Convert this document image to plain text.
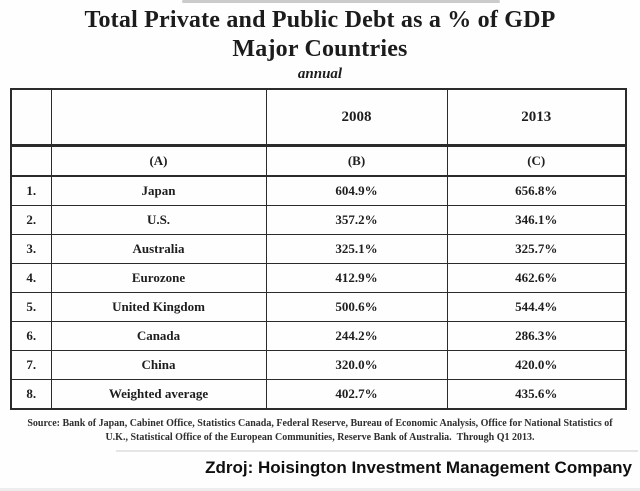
Total Private and Public Debt as a % of GDP
Major Countries
annual
		2008	2013
	(A)	(B)	(C)
1.	Japan	604.9%	656.8%
2.	U.S.	357.2%	346.1%
3.	Australia	325.1%	325.7%
4.	Eurozone	412.9%	462.6%
5.	United Kingdom	500.6%	544.4%
6.	Canada	244.2%	286.3%
7.	China	320.0%	420.0%
8.	Weighted average	402.7%	435.6%
Source: Bank of Japan, Cabinet Office, Statistics Canada, Federal Reserve, Bureau of Economic Analysis, Office for National Statistics of
U.K., Statistical Office of the European Communities, Reserve Bank of Australia.  Through Q1 2013.
Zdroj: Hoisington Investment Management Company
